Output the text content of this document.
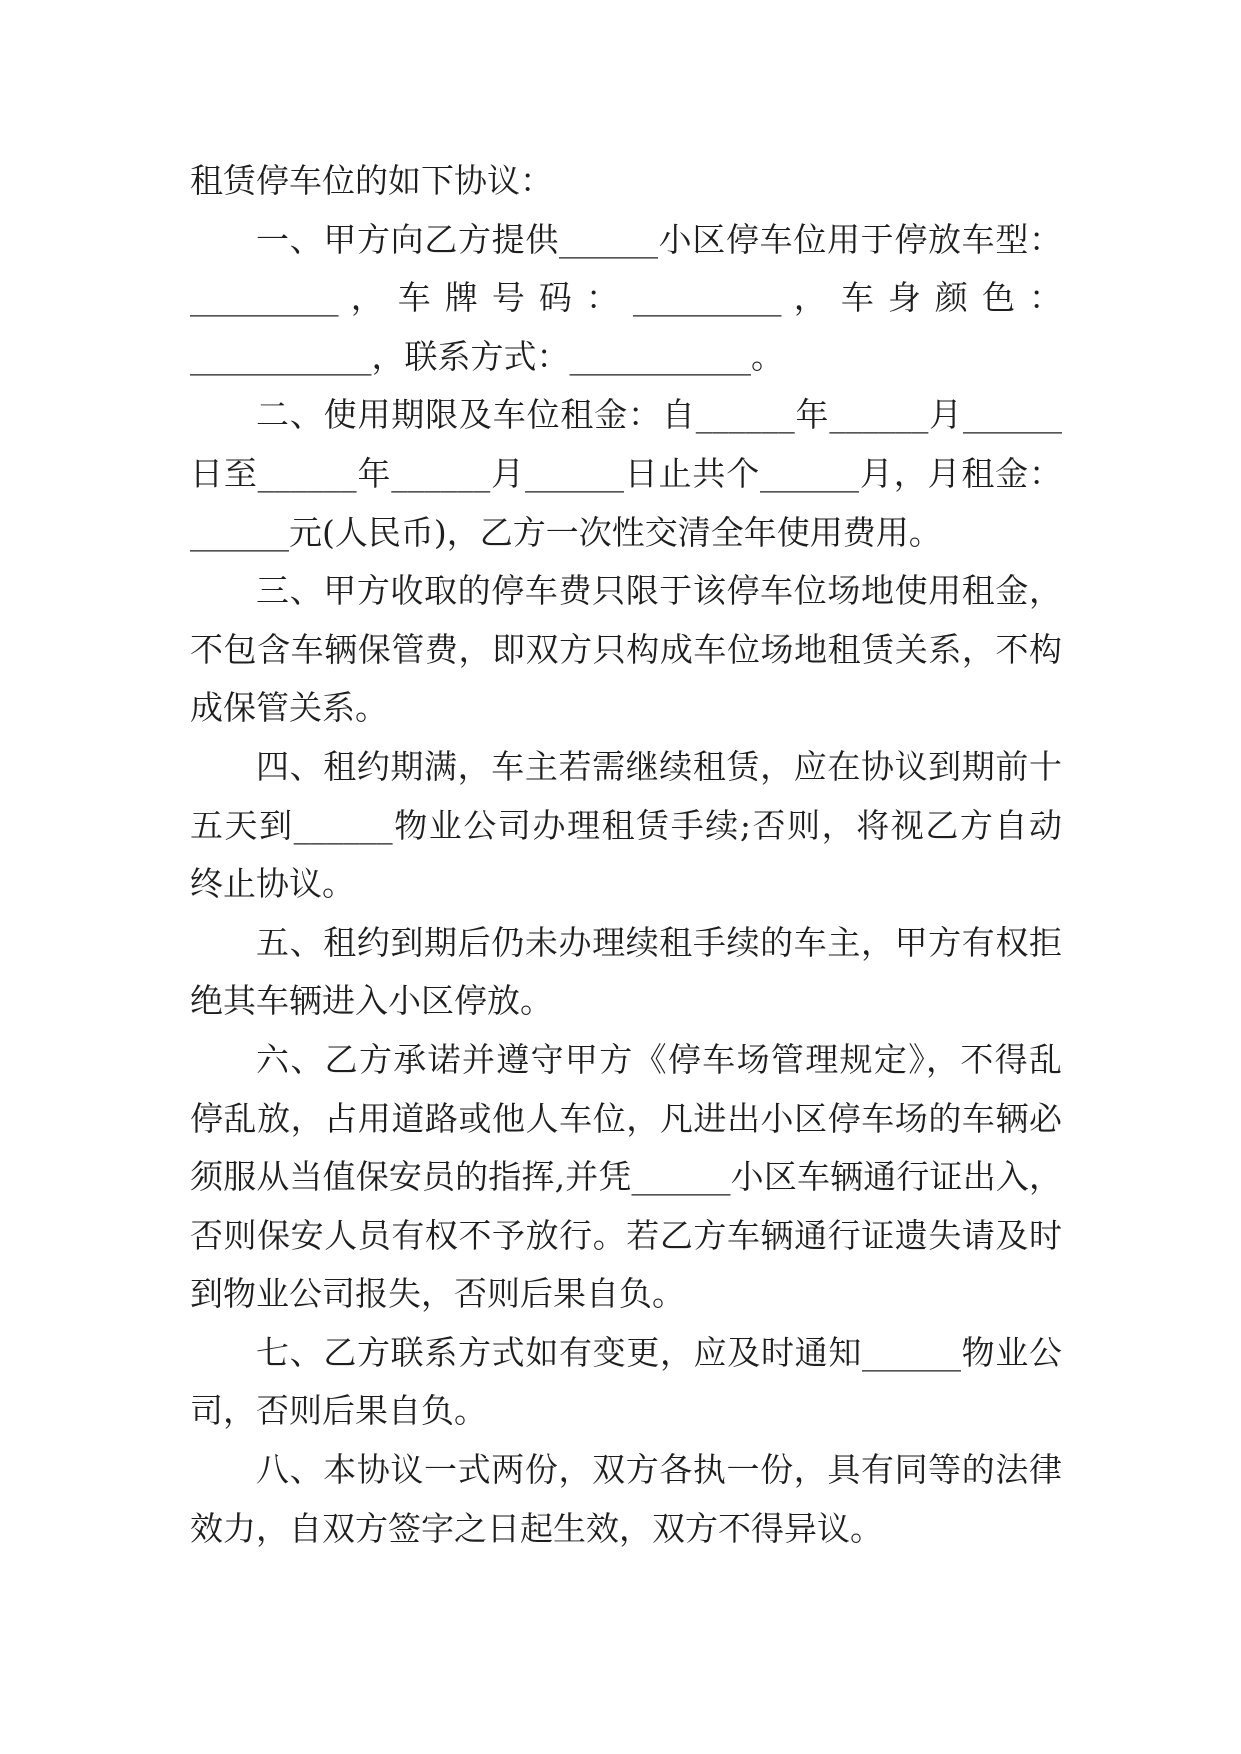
租赁停车位的如下协议：
一、甲方向乙方提供______小区停车位用于停放车型：
_________ ， 车 牌 号 码 ： _________ ， 车 身 颜 色 ：
___________，联系方式：___________。
二、使用期限及车位租金：自______年______月______
日至______年______月______日止共个______月，月租金：
______元(人民币)，乙方一次性交清全年使用费用。
三、甲方收取的停车费只限于该停车位场地使用租金，
不包含车辆保管费，即双方只构成车位场地租赁关系，不构
成保管关系。
四、租约期满，车主若需继续租赁，应在协议到期前十
五天到______物业公司办理租赁手续;否则，将视乙方自动
终止协议。
五、租约到期后仍未办理续租手续的车主，甲方有权拒
绝其车辆进入小区停放。
六、乙方承诺并遵守甲方《停车场管理规定》，不得乱
停乱放，占用道路或他人车位，凡进出小区停车场的车辆必
须服从当值保安员的指挥,并凭______小区车辆通行证出入，
否则保安人员有权不予放行。若乙方车辆通行证遗失请及时
到物业公司报失，否则后果自负。
七、乙方联系方式如有变更，应及时通知______物业公
司，否则后果自负。
八、本协议一式两份，双方各执一份，具有同等的法律
效力，自双方签字之日起生效，双方不得异议。
